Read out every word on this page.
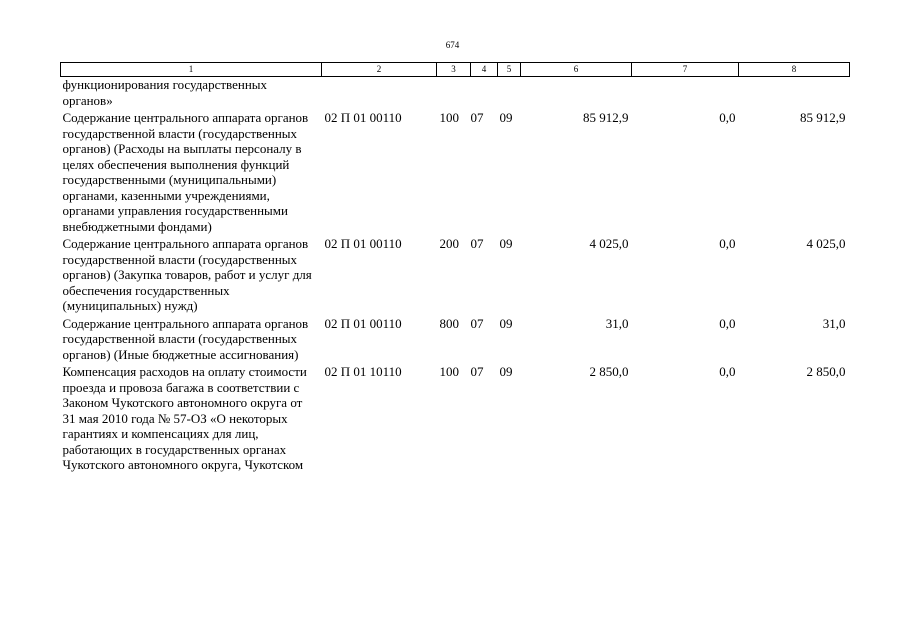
674
1	2	3	4	5	6	7	8
функционирования государственных органов»							
Содержание центрального аппарата органов государственной власти (государственных органов) (Расходы на выплаты персоналу в целях обеспечения выполнения функций государственными (муниципальными) органами, казенными учреждениями, органами управления государственными внебюджетными фондами)	02 П 01 00110	100	07	09	85 912,9	0,0	85 912,9
Содержание центрального аппарата органов государственной власти (государственных органов) (Закупка товаров, работ и услуг для обеспечения государственных (муниципальных) нужд)	02 П 01 00110	200	07	09	4 025,0	0,0	4 025,0
Содержание центрального аппарата органов государственной власти (государственных органов) (Иные бюджетные ассигнования)	02 П 01 00110	800	07	09	31,0	0,0	31,0
Компенсация расходов на оплату стоимости проезда и провоза багажа в соответствии с Законом Чукотского автономного округа от 31 мая 2010 года № 57-ОЗ «О некоторых гарантиях и компенсациях для лиц, работающих в государственных органах Чукотского автономного округа, Чукотском	02 П 01 10110	100	07	09	2 850,0	0,0	2 850,0
